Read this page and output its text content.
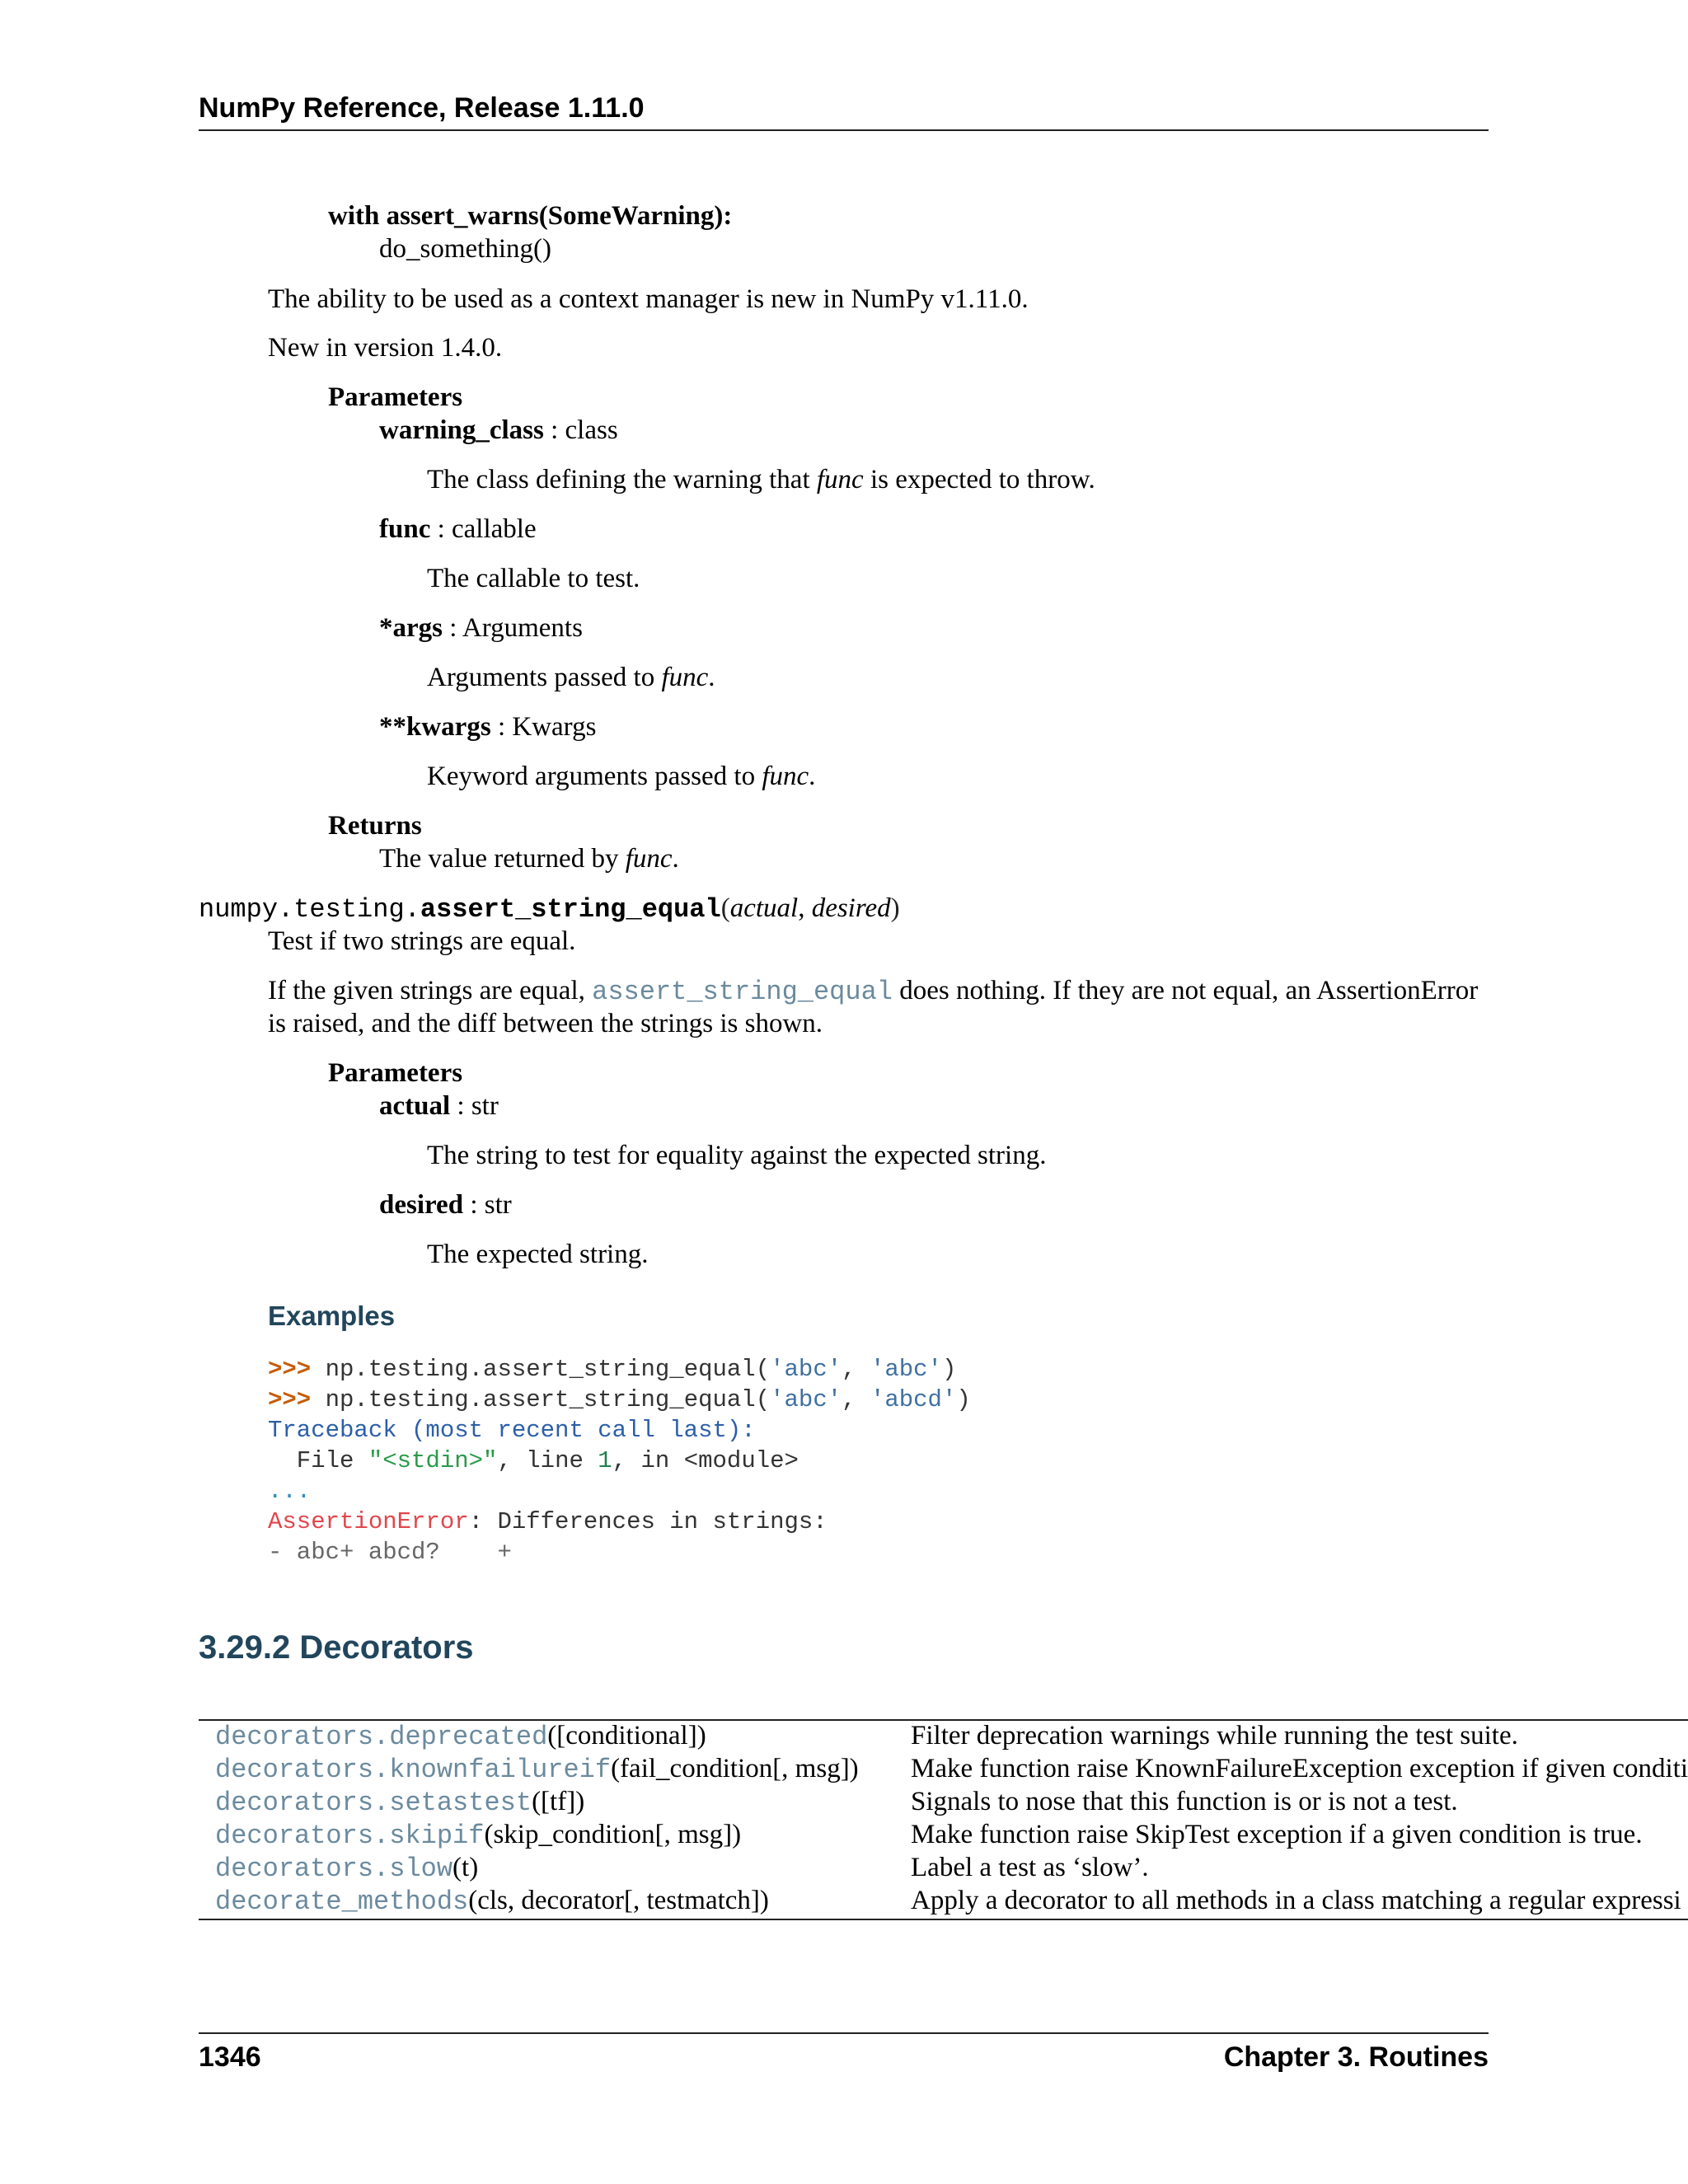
NumPy Reference, Release 1.11.0
with assert_warns(SomeWarning):
do_something()
The ability to be used as a context manager is new in NumPy v1.11.0.
New in version 1.4.0.
Parameters
warning_class : class
The class defining the warning that func is expected to throw.
func : callable
The callable to test.
*args : Arguments
Arguments passed to func.
**kwargs : Kwargs
Keyword arguments passed to func.
Returns
The value returned by func.
numpy.testing.assert_string_equal(actual, desired)
Test if two strings are equal.
If the given strings are equal, assert_string_equal does nothing. If they are not equal, an AssertionError
is raised, and the diff between the strings is shown.
Parameters
actual : str
The string to test for equality against the expected string.
desired : str
The expected string.
Examples
>>> np.testing.assert_string_equal('abc', 'abc')
>>> np.testing.assert_string_equal('abc', 'abcd')
Traceback (most recent call last):
File "<stdin>", line 1, in <module>
...
AssertionError: Differences in strings:
- abc+ abcd?    +
3.29.2 Decorators
decorators.deprecated([conditional])	Filter deprecation warnings while running the test suite.
decorators.knownfailureif(fail_condition[, msg])	Make function raise KnownFailureException exception if given conditi
decorators.setastest([tf])	Signals to nose that this function is or is not a test.
decorators.skipif(skip_condition[, msg])	Make function raise SkipTest exception if a given condition is true.
decorators.slow(t)	Label a test as ‘slow’.
decorate_methods(cls, decorator[, testmatch])	Apply a decorator to all methods in a class matching a regular expressi
1346	Chapter 3. Routines
